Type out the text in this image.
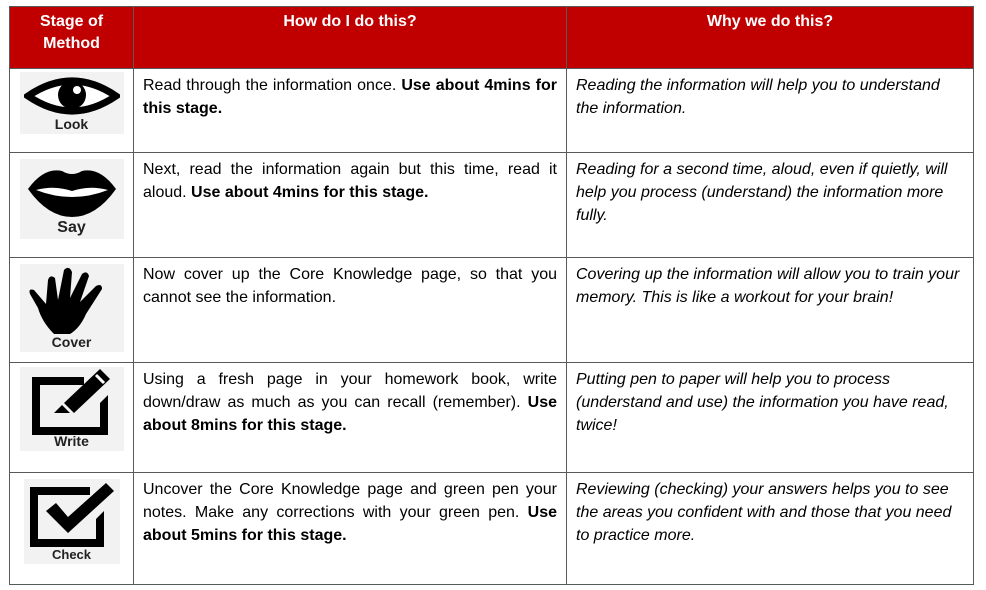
Stage of Method	How do I do this?	Why we do this?

Look	Read through the information once. Use about 4mins for this stage.	Reading the information will help you to understand the information.

Say	Next, read the information again but this time, read it aloud. Use about 4mins for this stage.	Reading for a second time, aloud, even if quietly, will help you process (understand) the information more fully.

Cover	Now cover up the Core Knowledge page, so that you cannot see the information.	Covering up the information will allow you to train your memory. This is like a workout for your brain!

Write	Using a fresh page in your homework book, write down/draw as much as you can recall (remember). Use about 8mins for this stage.	Putting pen to paper will help you to process (understand and use) the information you have read, twice!

Check	Uncover the Core Knowledge page and green pen your notes. Make any corrections with your green pen. Use about 5mins for this stage.	Reviewing (checking) your answers helps you to see the areas you confident with and those that you need to practice more.
